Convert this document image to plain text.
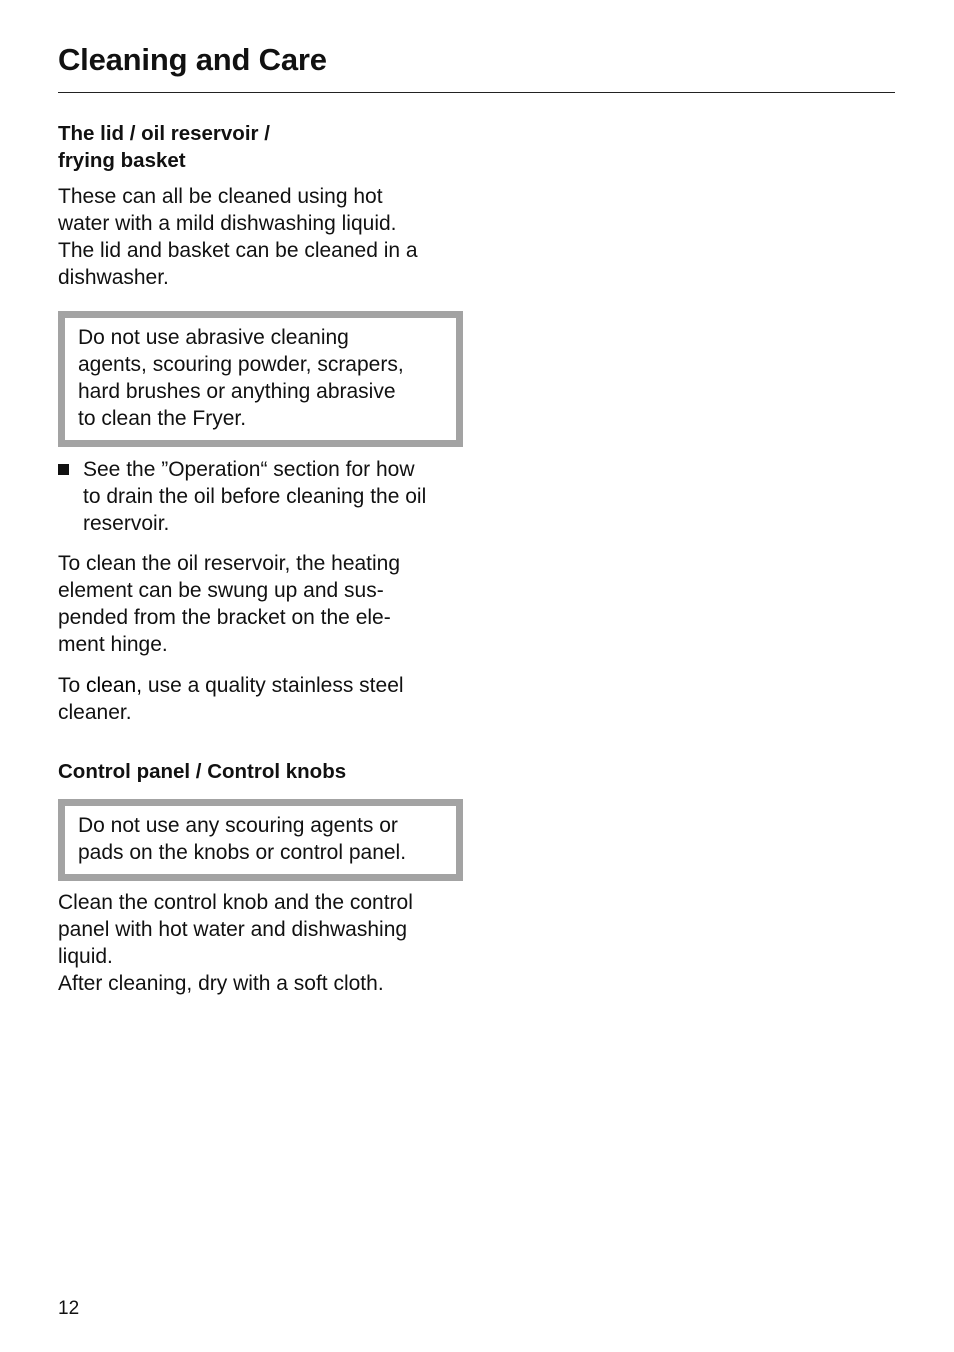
Cleaning and Care

The lid / oil reservoir /
frying basket

These can all be cleaned using hot
water with a mild dishwashing liquid.
The lid and basket can be cleaned in a
dishwasher.

Do not use abrasive cleaning
agents, scouring powder, scrapers,
hard brushes or anything abrasive
to clean the Fryer.
See the ”Operation“ section for how
to drain the oil before cleaning the oil
reservoir.

To clean the oil reservoir, the heating
element can be swung up and sus-
pended from the bracket on the ele-
ment hinge.

To clean, use a quality stainless steel
cleaner.

Control panel / Control knobs

Do not use any scouring agents or
pads on the knobs or control panel.

Clean the control knob and the control
panel with hot water and dishwashing
liquid.
After cleaning, dry with a soft cloth.

12
